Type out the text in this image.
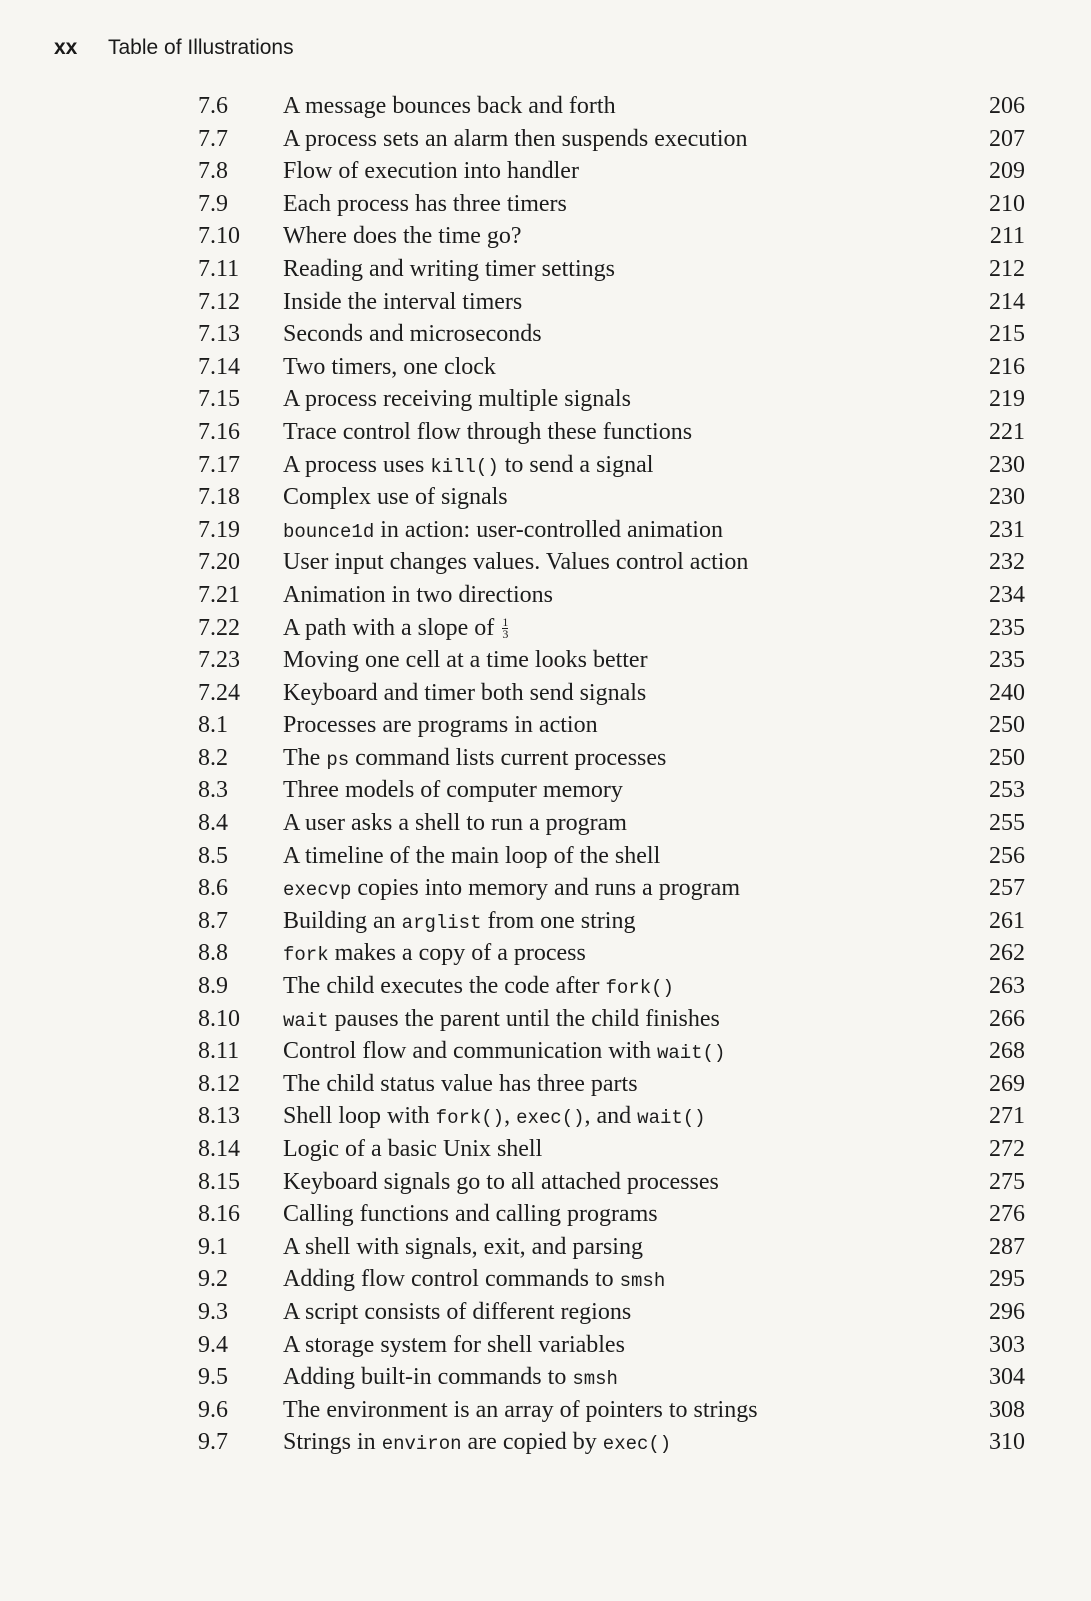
xx Table of Illustrations
7.6	A message bounces back and forth	206
7.7	A process sets an alarm then suspends execution	207
7.8	Flow of execution into handler	209
7.9	Each process has three timers	210
7.10	Where does the time go?	211
7.11	Reading and writing timer settings	212
7.12	Inside the interval timers	214
7.13	Seconds and microseconds	215
7.14	Two timers, one clock	216
7.15	A process receiving multiple signals	219
7.16	Trace control flow through these functions	221
7.17	A process uses kill() to send a signal	230
7.18	Complex use of signals	230
7.19	bounce1d in action: user-controlled animation	231
7.20	User input changes values. Values control action	232
7.21	Animation in two directions	234
7.22	A path with a slope of $\frac{1}{3}$	235
7.23	Moving one cell at a time looks better	235
7.24	Keyboard and timer both send signals	240
8.1	Processes are programs in action	250
8.2	The ps command lists current processes	250
8.3	Three models of computer memory	253
8.4	A user asks a shell to run a program	255
8.5	A timeline of the main loop of the shell	256
8.6	execvp copies into memory and runs a program	257
8.7	Building an arglist from one string	261
8.8	fork makes a copy of a process	262
8.9	The child executes the code after fork()	263
8.10	wait pauses the parent until the child finishes	266
8.11	Control flow and communication with wait()	268
8.12	The child status value has three parts	269
8.13	Shell loop with fork(), exec(), and wait()	271
8.14	Logic of a basic Unix shell	272
8.15	Keyboard signals go to all attached processes	275
8.16	Calling functions and calling programs	276
9.1	A shell with signals, exit, and parsing	287
9.2	Adding flow control commands to smsh	295
9.3	A script consists of different regions	296
9.4	A storage system for shell variables	303
9.5	Adding built-in commands to smsh	304
9.6	The environment is an array of pointers to strings	308
9.7	Strings in environ are copied by exec()	310
